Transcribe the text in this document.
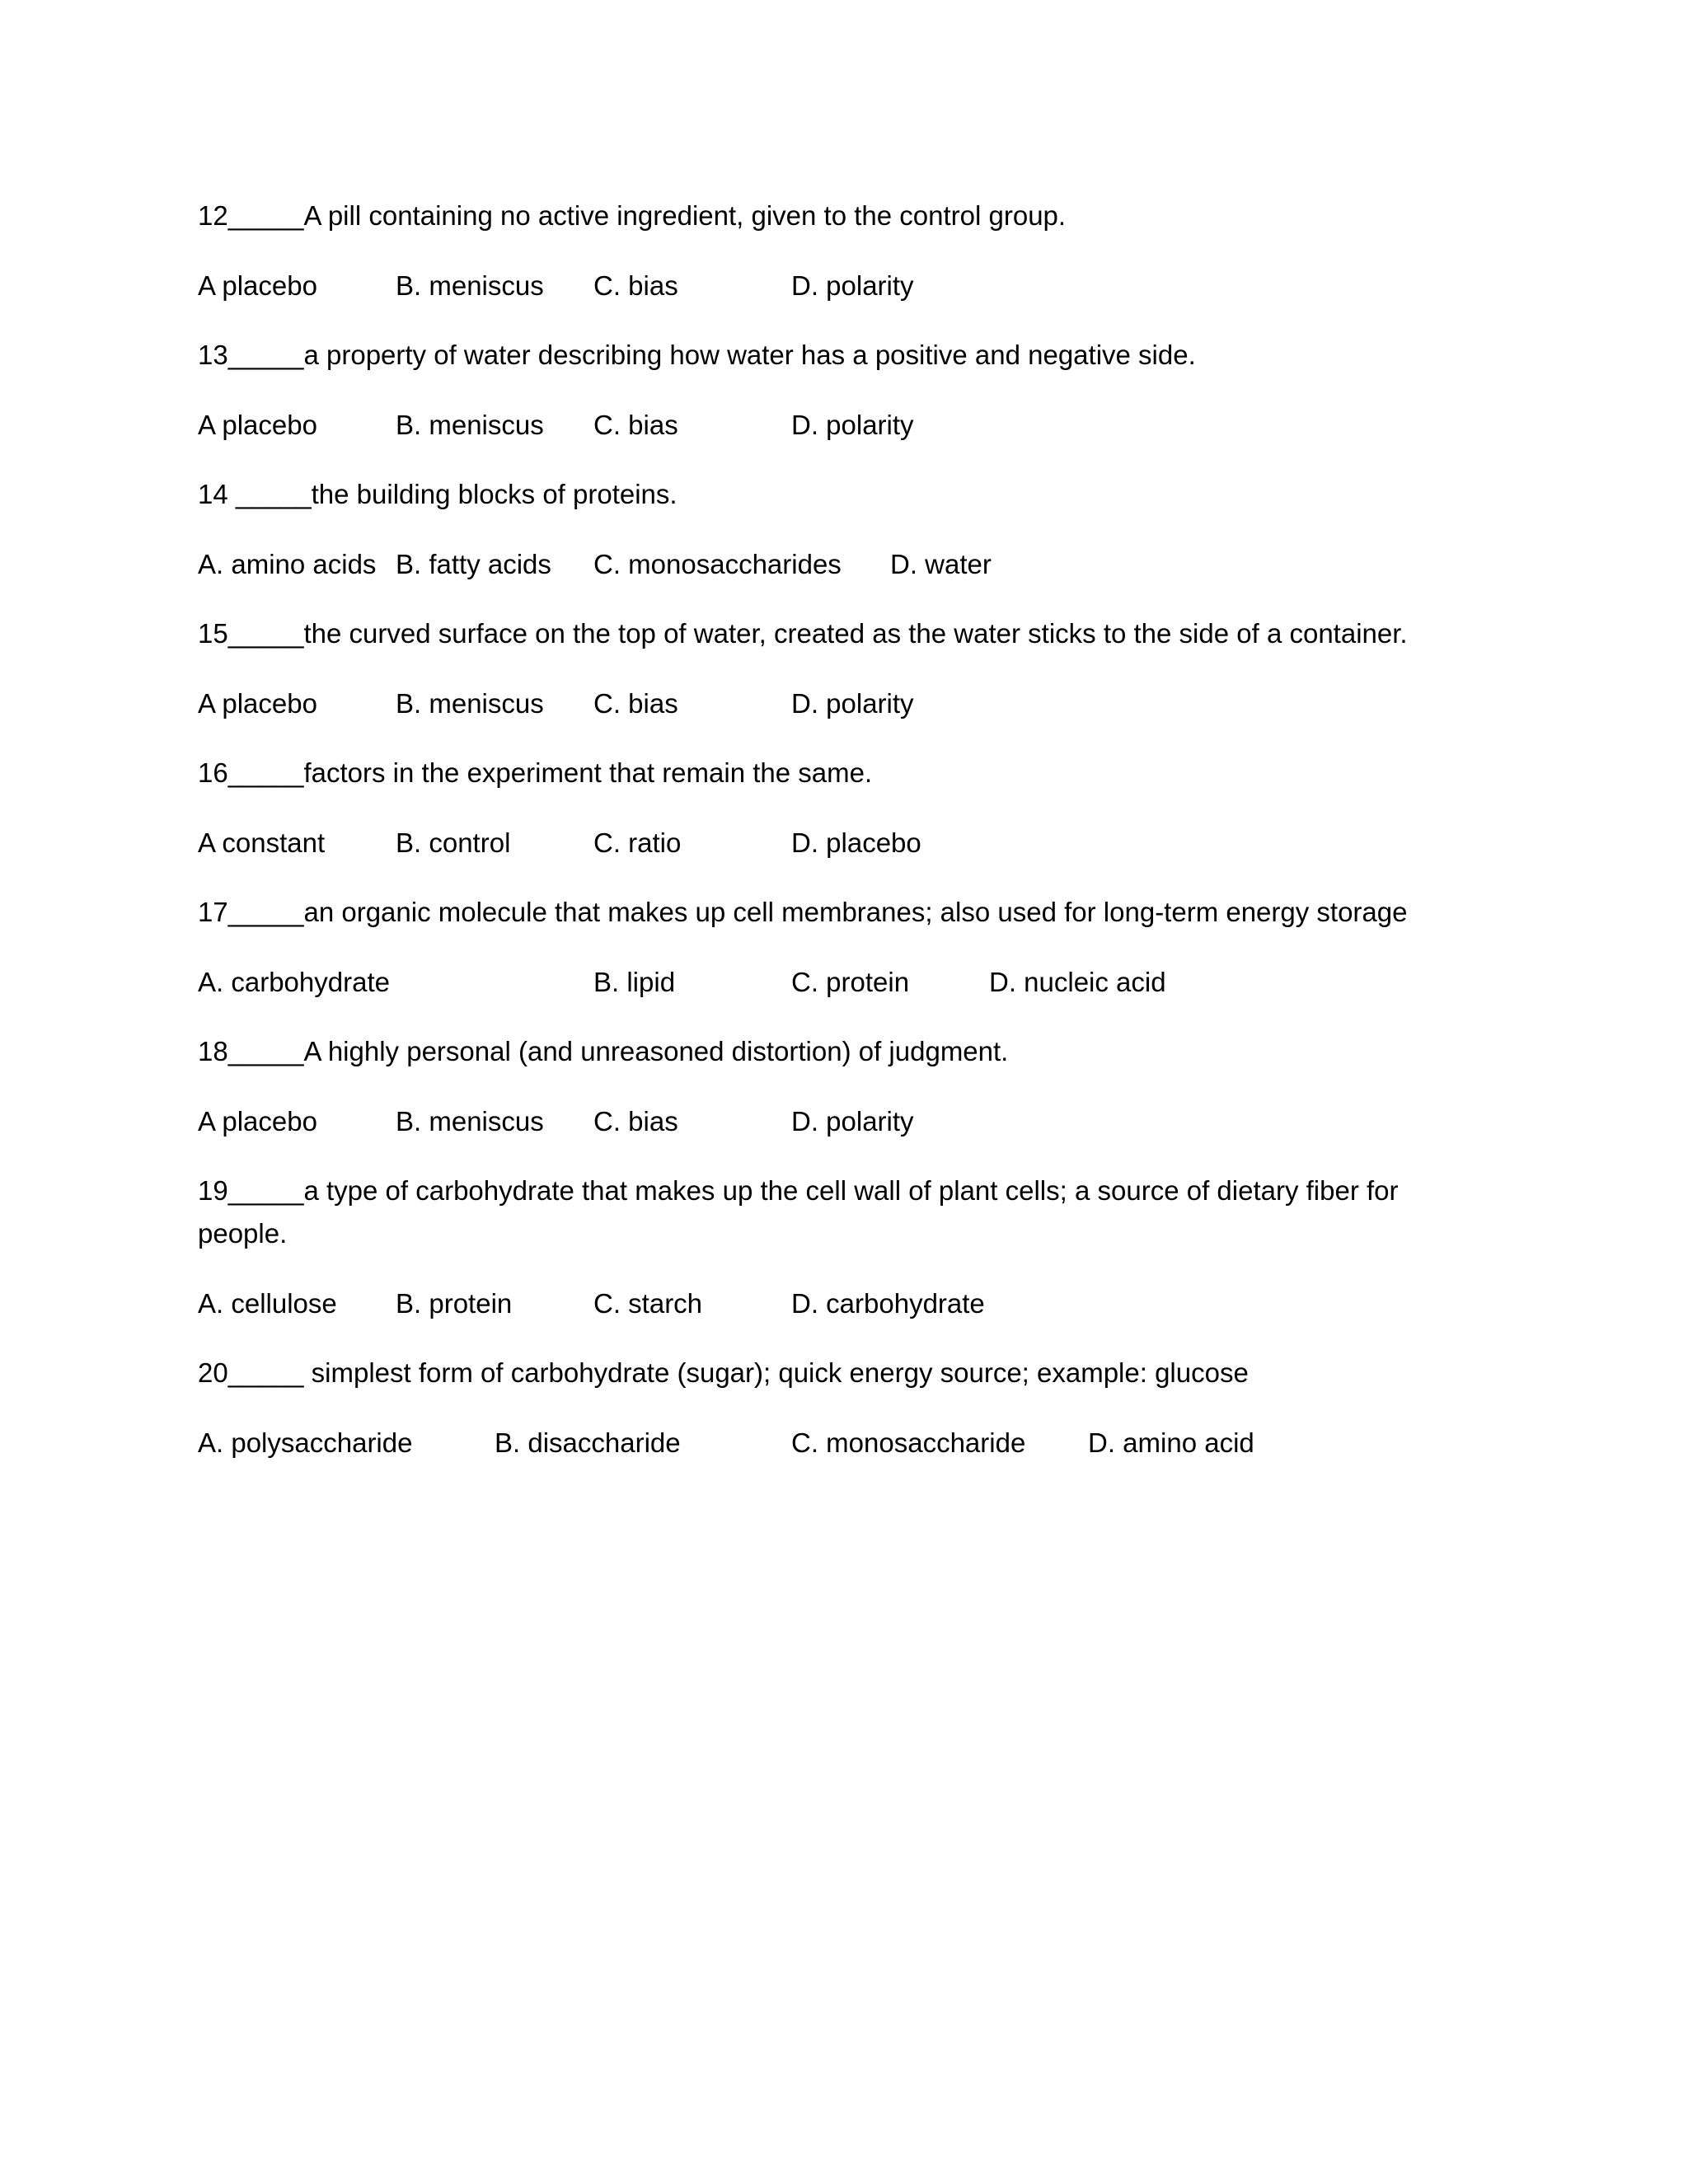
12_____A pill containing no active ingredient, given to the control group.

A placebo	B. meniscus C. bias	D. polarity

13_____a property of water describing how water has a positive and negative side.

A placebo	B. meniscus C. bias	D. polarity

14 _____the building blocks of proteins.

A. amino acids B. fatty acids C. monosaccharides D. water

15_____the curved surface on the top of water, created as the water sticks to the side of a container.

A placebo	B. meniscus C. bias	D. polarity

16_____factors in the experiment that remain the same.

A constant	B. control	C. ratio	D. placebo

17_____an organic molecule that makes up cell membranes; also used for long-term energy storage

A. carbohydrate	B. lipid	C. protein	D. nucleic acid

18_____A highly personal (and unreasoned distortion) of judgment.

A placebo	B. meniscus C. bias	D. polarity

19_____a type of carbohydrate that makes up the cell wall of plant cells; a source of dietary fiber for

people.

A. cellulose B. protein	C. starch	D. carbohydrate

20_____ simplest form of carbohydrate (sugar); quick energy source; example: glucose

A. polysaccharide	B. disaccharide	C. monosaccharide D. amino acid
